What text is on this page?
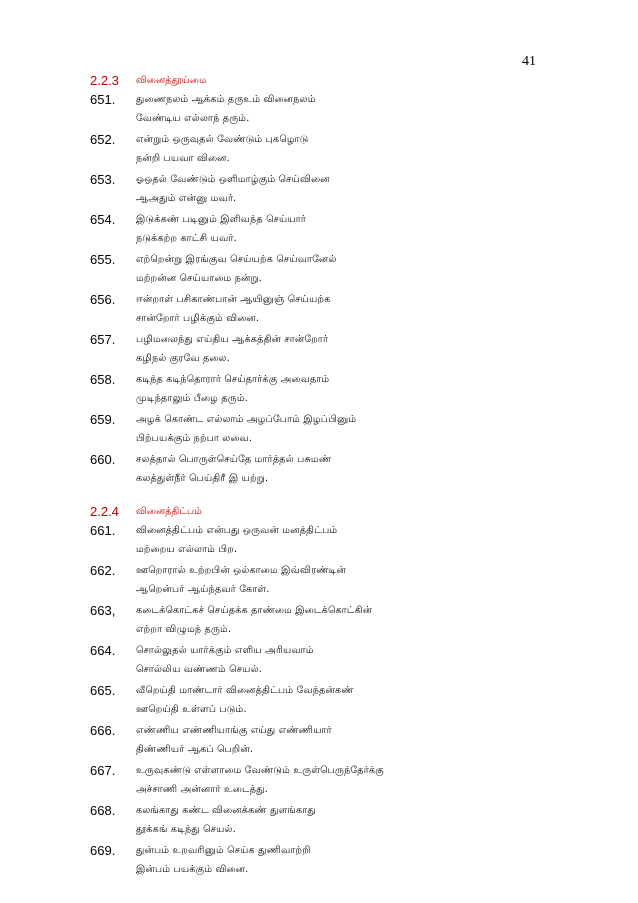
41
2.2.3 வினைத்தூய்மை
651.	துணைநலம் ஆக்கம் தருஉம் வினைநலம்
வேண்டிய எல்லாந் தரும்.
652.	என்றும் ஒருவுதல் வேண்டும் புகழொடு
நன்றி பயவா வினை.
653.	ஓஒதல் வேண்டும் ஒளிமாழ்கும் செய்வினை
ஆஅதும் என்னு மவர்.
654.	இடுக்கண் படினும் இளிவந்த செய்யார்
நடுக்கற்ற காட்சி யவர்.
655.	எற்றென்று இரங்குவ செய்யற்க செய்வானேல்
மற்றன்ன செய்யாமை நன்று.
656.	ஈன்றாள் பசிகாண்பான் ஆயினுஞ் செய்யற்க
சான்றோர் பழிக்கும் வினை.
657.	பழிமலைந்து எய்திய ஆக்கத்தின் சான்றோர்
கழிநல் குரவே தலை.
658.	கடிந்த கடிந்தொரார் செய்தார்க்கு அவைதாம்
முடிந்தாலும் பீழை தரும்.
659.	அழக் கொண்ட எல்லாம் அழப்போம் இழப்பினும்
பிற்பயக்கும் நற்பா லவை.
660.	சலத்தால் பொருள்செய்தே மார்த்தல் பசுமண்
கலத்துள்நீர் பெய்திரீ இ யற்று.
2.2.4 வினைத்திட்பம்
661.	வினைத்திட்பம் என்பது ஒருவன் மனத்திட்பம்
மற்றைய எல்லாம் பிற.
662.	ஊறொரால் உற்றபின் ஒல்காமை இவ்விரண்டின்
ஆறென்பர் ஆய்ந்தவர் கோள்.
663,	கடைக்கொட்கச் செய்தக்க தாண்மை இடைக்கொட்கின்
எற்றா விழுமந் தரும்.
664.	சொல்லுதல் யார்க்கும் எளிய அரியவாம்
சொல்லிய வண்ணம் செயல்.
665.	வீறெய்தி மாண்டார் வினைத்திட்பம் வேந்தன்கண்
ஊறெய்தி உள்ளப் படும்.
666.	எண்ணிய எண்ணியாங்கு எய்து எண்ணியார்
திண்ணியர் ஆகப் பெறின்.
667.	உருவுகண்டு எள்ளாமை வேண்டும் உருள்பெருந்தேர்க்கு
அச்சாணி அன்னார் உடைத்து.
668.	கலங்காது கண்ட வினைக்கண் துளங்காது
தூக்கங் கடிந்து செயல்.
669.	துன்பம் உறவரினும் செய்க துணிவாற்றி
இன்பம் பயக்கும் வினை.
